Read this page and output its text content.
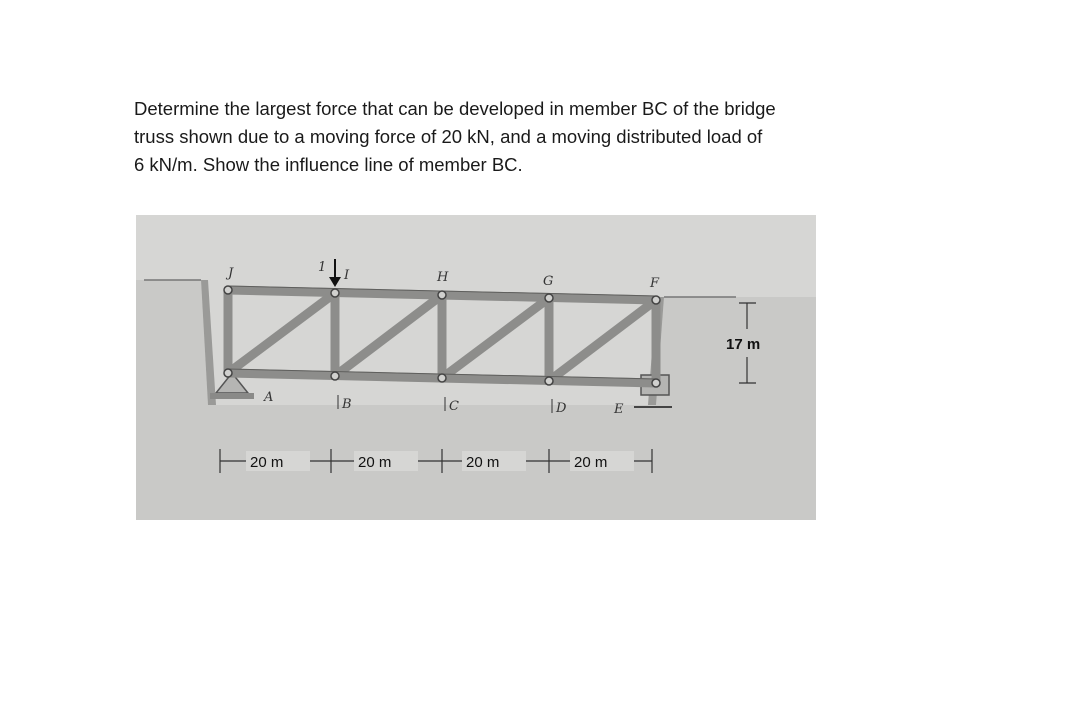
Determine the largest force that can be developed in member BC of the bridge
truss shown due to a moving force of 20 kN, and a moving distributed load of
6 kN/m. Show the influence line of member BC.
1
J	I	H	G	F
A	B	C	D	E
20 m	20 m	20 m	20 m
17 m
